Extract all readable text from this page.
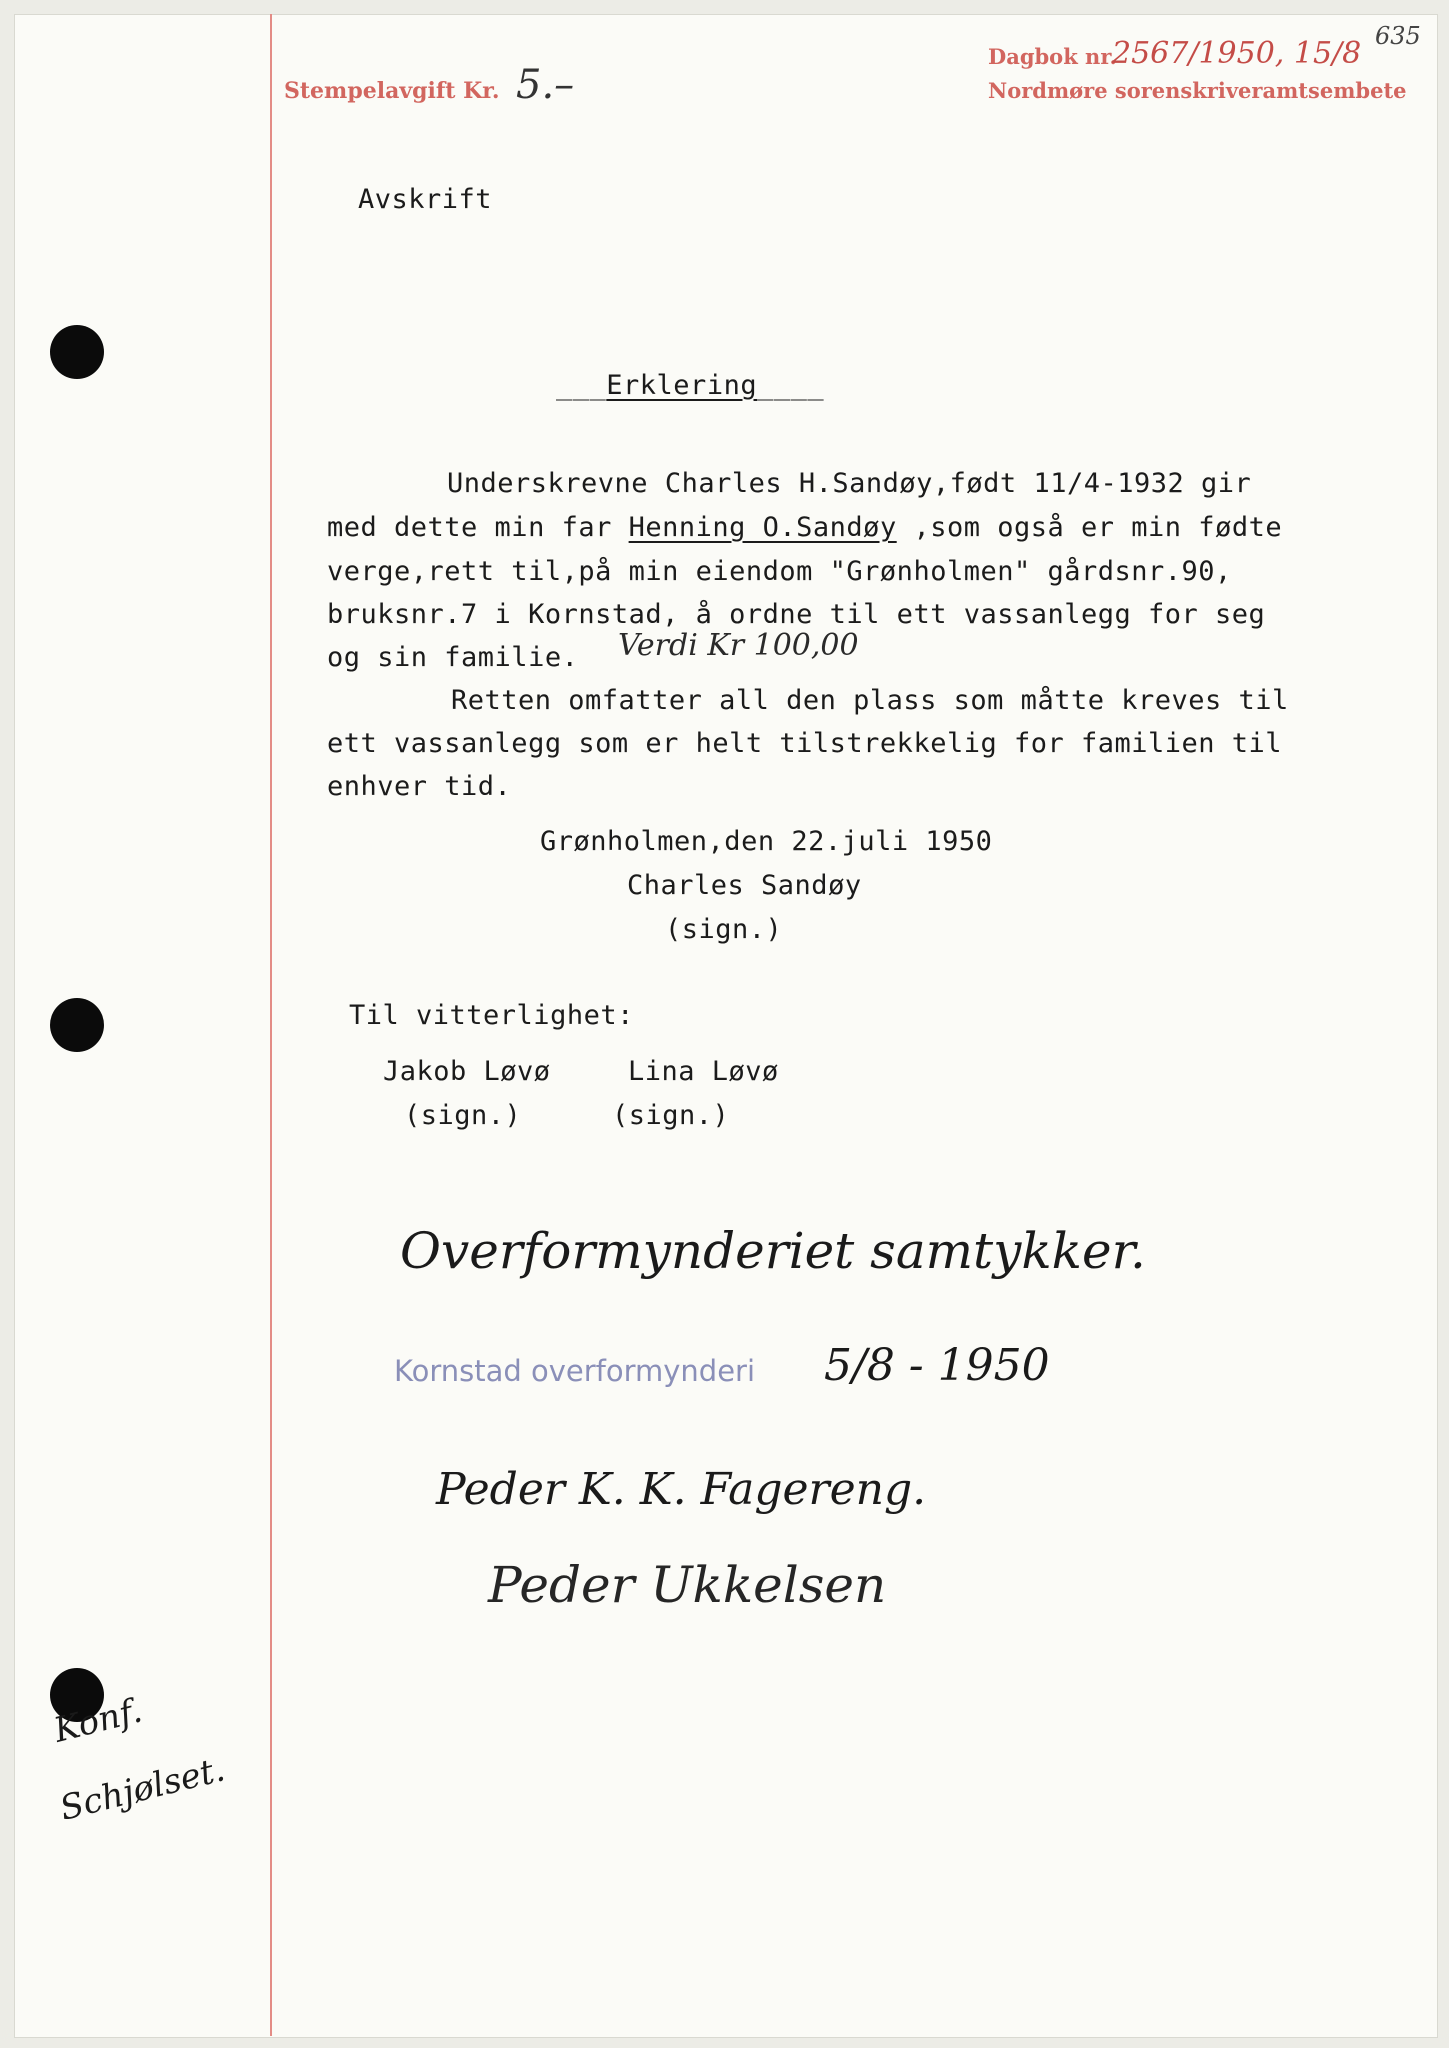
Stempelavgift Kr. 5.–
Dagbok nr.
2567/1950, 15/8
Nordmøre sorenskriveramtsembete
635
Avskrift
___Erklering____
Underskrevne Charles H.Sandøy,født 11/4-1932 gir
med dette min far Henning O.Sandøy ,som også er min fødte
verge,rett til,på min eiendom "Grønholmen" gårdsnr.90,
bruksnr.7 i Kornstad, å ordne til ett vassanlegg for seg
og sin familie. Verdi Kr 100,00
Retten omfatter all den plass som måtte kreves til
ett vassanlegg som er helt tilstrekkelig for familien til
enhver tid.
Grønholmen,den 22.juli 1950
Charles Sandøy
(sign.)
Til vitterlighet:
Jakob Løvø
(sign.)
Lina Løvø
(sign.)
Overformynderiet samtykker.
Kornstad overformynderi 5/8 - 1950
Peder K. K. Fagereng.
Peder Ukkelsen
Konf.
Schjølset.
